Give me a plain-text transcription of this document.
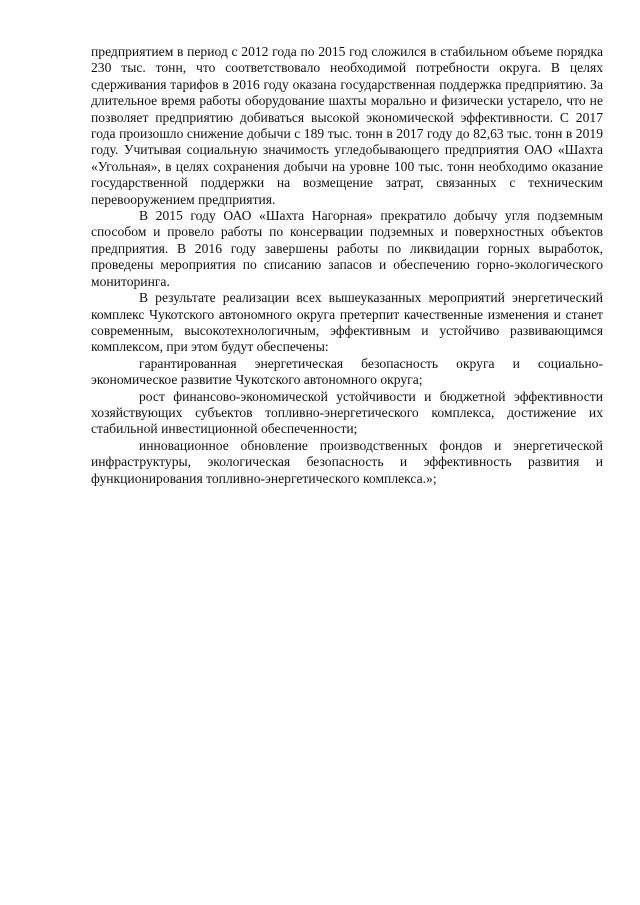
предприятием в период с 2012 года по 2015 год сложился в стабильном объеме порядка 230 тыс. тонн, что соответствовало необходимой потребности округа. В целях сдерживания тарифов в 2016 году оказана государственная поддержка предприятию. За длительное время работы оборудование шахты морально и физически устарело, что не позволяет предприятию добиваться высокой экономической эффективности. С 2017 года произошло снижение добычи с 189 тыс. тонн в 2017 году до 82,63 тыс. тонн в 2019 году. Учитывая социальную значимость угледобывающего предприятия ОАО «Шахта «Угольная», в целях сохранения добычи на уровне 100 тыс. тонн необходимо оказание государственной поддержки на возмещение затрат, связанных с техническим перевооружением предприятия.

В 2015 году ОАО «Шахта Нагорная» прекратило добычу угля подземным способом и провело работы по консервации подземных и поверхностных объектов предприятия. В 2016 году завершены работы по ликвидации горных выработок, проведены мероприятия по списанию запасов и обеспечению горно-экологического мониторинга.

В результате реализации всех вышеуказанных мероприятий энергетический комплекс Чукотского автономного округа претерпит качественные изменения и станет современным, высокотехнологичным, эффективным и устойчиво развивающимся комплексом, при этом будут обеспечены:

гарантированная энергетическая безопасность округа и социально-экономическое развитие Чукотского автономного округа;

рост финансово-экономической устойчивости и бюджетной эффективности хозяйствующих субъектов топливно-энергетического комплекса, достижение их стабильной инвестиционной обеспеченности;

инновационное обновление производственных фондов и энергетической инфраструктуры, экологическая безопасность и эффективность развития и функционирования топливно-энергетического комплекса.»;
